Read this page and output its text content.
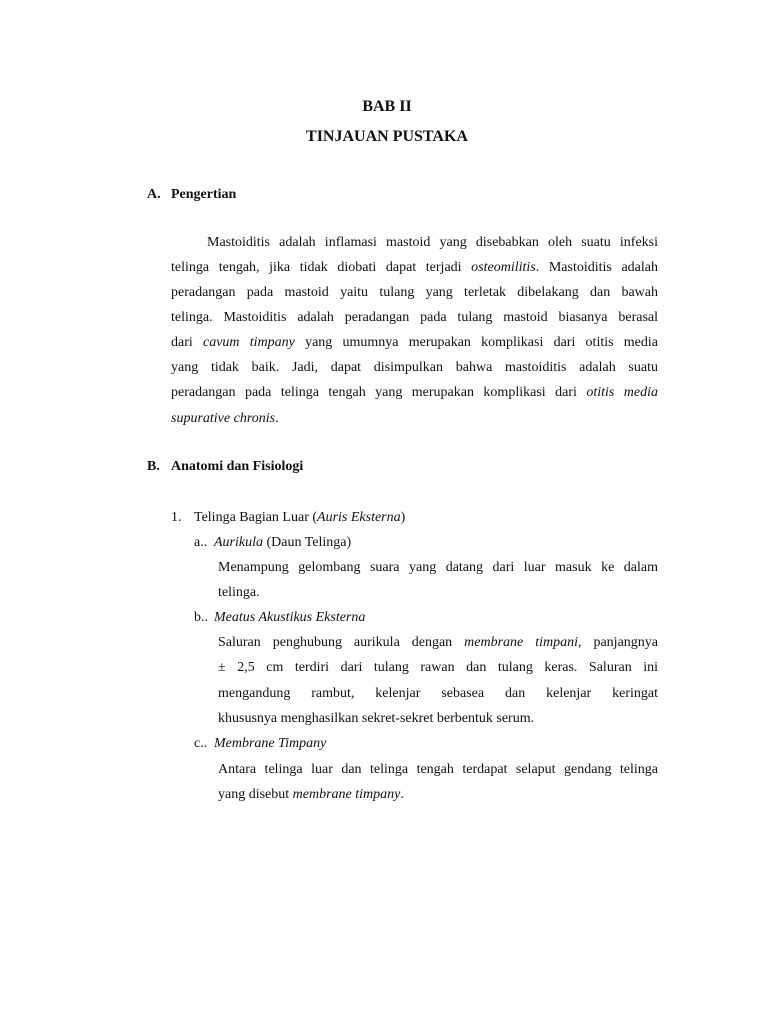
BAB II
TINJAUAN PUSTAKA
A. Pengertian
Mastoiditis adalah inflamasi mastoid yang disebabkan oleh suatu infeksi
telinga tengah, jika tidak diobati dapat terjadi osteomilitis. Mastoiditis adalah
peradangan pada mastoid yaitu tulang yang terletak dibelakang dan bawah
telinga. Mastoiditis adalah peradangan pada tulang mastoid biasanya berasal
dari cavum timpany yang umumnya merupakan komplikasi dari otitis media
yang tidak baik. Jadi, dapat disimpulkan bahwa mastoiditis adalah suatu
peradangan pada telinga tengah yang merupakan komplikasi dari otitis media
supurative chronis.
B. Anatomi dan Fisiologi
1. Telinga Bagian Luar (Auris Eksterna)
a.. Aurikula (Daun Telinga)
Menampung gelombang suara yang datang dari luar masuk ke dalam
telinga.
b.. Meatus Akustikus Eksterna
Saluran penghubung aurikula dengan membrane timpani, panjangnya
± 2,5 cm terdiri dari tulang rawan dan tulang keras. Saluran ini
mengandung rambut, kelenjar sebasea dan kelenjar keringat
khususnya menghasilkan sekret-sekret berbentuk serum.
c.. Membrane Timpany
Antara telinga luar dan telinga tengah terdapat selaput gendang telinga
yang disebut membrane timpany.
